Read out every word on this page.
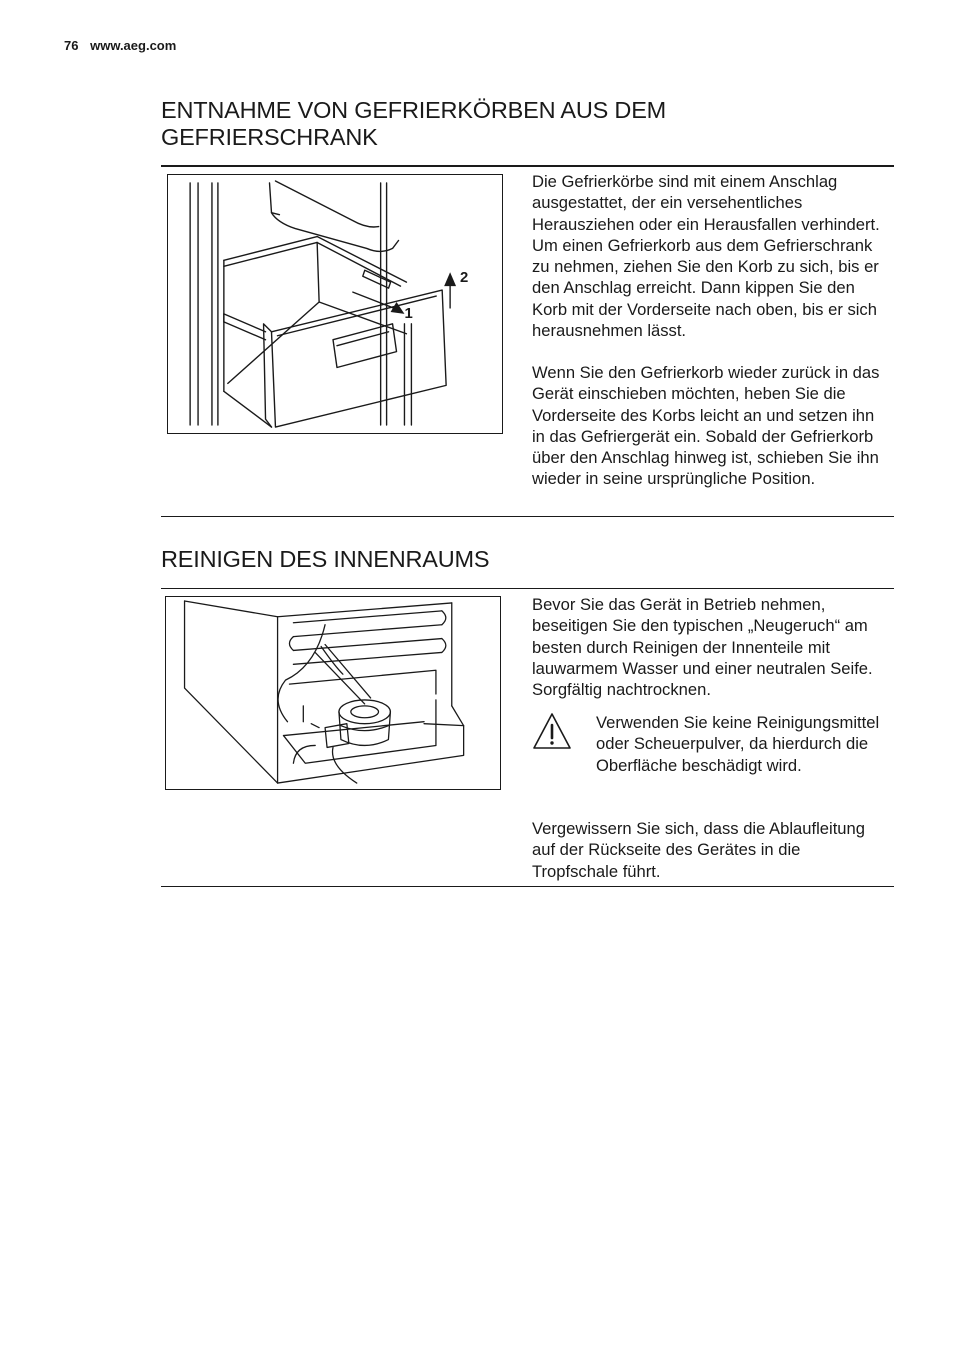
76 www.aeg.com
ENTNAHME VON GEFRIERKÖRBEN AUS DEM
GEFRIERSCHRANK
1
2

Die Gefrierkörbe sind mit einem Anschlag ausgestattet, der ein versehentliches Herausziehen oder ein Herausfallen verhindert. Um einen Gefrierkorb aus dem Gefrierschrank zu nehmen, ziehen Sie den Korb zu sich, bis er den Anschlag erreicht. Dann kippen Sie den Korb mit der Vorderseite nach oben, bis er sich herausnehmen lässt.

Wenn Sie den Gefrierkorb wieder zurück in das Gerät einschieben möchten, heben Sie die Vorderseite des Korbs leicht an und setzen ihn in das Gefriergerät ein. Sobald der Gefrierkorb über den Anschlag hinweg ist, schieben Sie ihn wieder in seine ursprüngliche Position.

REINIGEN DES INNENRAUMS

Bevor Sie das Gerät in Betrieb nehmen, beseitigen Sie den typischen „Neugeruch“ am besten durch Reinigen der Innenteile mit lauwarmem Wasser und einer neutralen Seife. Sorgfältig nachtrocknen.

Verwenden Sie keine Reinigungsmittel oder Scheuerpulver, da hierdurch die Oberfläche beschädigt wird.

Vergewissern Sie sich, dass die Ablaufleitung auf der Rückseite des Gerätes in die Tropfschale führt.
